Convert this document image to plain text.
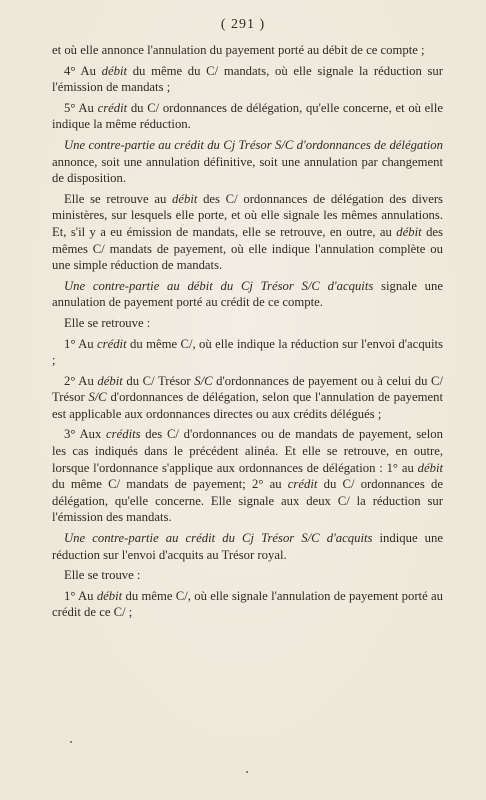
( 291 )

et où elle annonce l'annulation du payement porté au débit de ce compte ;

4° Au débit du même du C/ mandats, où elle signale la réduction sur l'émission de mandats ;

5° Au crédit du C/ ordonnances de délégation, qu'elle concerne, et où elle indique la même réduction.

Une contre-partie au crédit du Cj Trésor S/C d'ordonnances de délégation annonce, soit une annulation définitive, soit une annulation par changement de disposition.

Elle se retrouve au débit des C/ ordonnances de délégation des divers ministères, sur lesquels elle porte, et où elle signale les mêmes annulations. Et, s'il y a eu émission de mandats, elle se retrouve, en outre, au débit des mêmes C/ mandats de payement, où elle indique l'annulation complète ou une simple réduction de mandats.

Une contre-partie au débit du Cj Trésor S/C d'acquits signale une annulation de payement porté au crédit de ce compte.

Elle se retrouve :

1° Au crédit du même C/, où elle indique la réduction sur l'envoi d'acquits ;

2° Au débit du C/ Trésor S/C d'ordonnances de payement ou à celui du C/ Trésor S/C d'ordonnances de délégation, selon que l'annulation de payement est applicable aux ordonnances directes ou aux crédits délégués ;

3° Aux crédits des C/ d'ordonnances ou de mandats de payement, selon les cas indiqués dans le précédent alinéa. Et elle se retrouve, en outre, lorsque l'ordonnance s'applique aux ordonnances de délégation : 1° au débit du même C/ mandats de payement; 2° au crédit du C/ ordonnances de délégation, qu'elle concerne. Elle signale aux deux C/ la réduction sur l'émission des mandats.

Une contre-partie au crédit du Cj Trésor S/C d'acquits indique une réduction sur l'envoi d'acquits au Trésor royal.

Elle se trouve :

1° Au débit du même C/, où elle signale l'annulation de payement porté au crédit de ce C/ ;
